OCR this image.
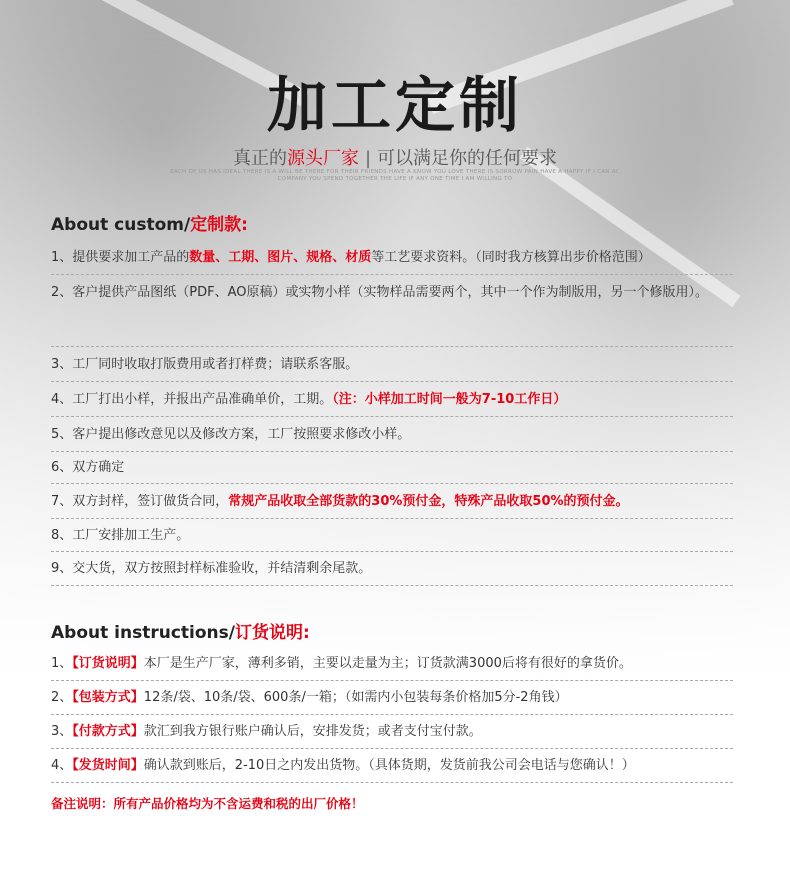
加工定制
真正的源头厂家 | 可以满足你的任何要求
EACH OF US HAS IDEAL THERE IS A WILL BE THERE FOR THEIR FRIENDS HAVE A KNOW YOU LOVE THERE IS SORROW PAIN HAVE A HAPPY IF I CAN AC
COMPANY YOU SPEND TOGETHER THE LIFE IF ANY ONE TIME I AM WILLING TO
About custom/定制款:
1、提供要求加工产品的数量、工期、图片、规格、材质等工艺要求资料。（同时我方核算出步价格范围）
2、客户提供产品图纸（PDF、AO原稿）或实物小样（实物样品需要两个，其中一个作为制版用，另一个修版用）。
3、工厂同时收取打版费用或者打样费；请联系客服。
4、工厂打出小样，并报出产品准确单价，工期。（注：小样加工时间一般为7-10工作日）
5、客户提出修改意见以及修改方案，工厂按照要求修改小样。
6、双方确定
7、双方封样，签订做货合同，常规产品收取全部货款的30%预付金，特殊产品收取50%的预付金。
8、工厂安排加工生产。
9、交大货，双方按照封样标准验收，并结清剩余尾款。
About instructions/订货说明:
1、【订货说明】本厂是生产厂家，薄利多销，主要以走量为主；订货款满3000后将有很好的拿货价。
2、【包装方式】12条/袋、10条/袋、600条/一箱；（如需内小包装每条价格加5分-2角钱）
3、【付款方式】款汇到我方银行账户确认后，安排发货；或者支付宝付款。
4、【发货时间】确认款到账后，2-10日之内发出货物。（具体货期，发货前我公司会电话与您确认！）
备注说明：所有产品价格均为不含运费和税的出厂价格！
